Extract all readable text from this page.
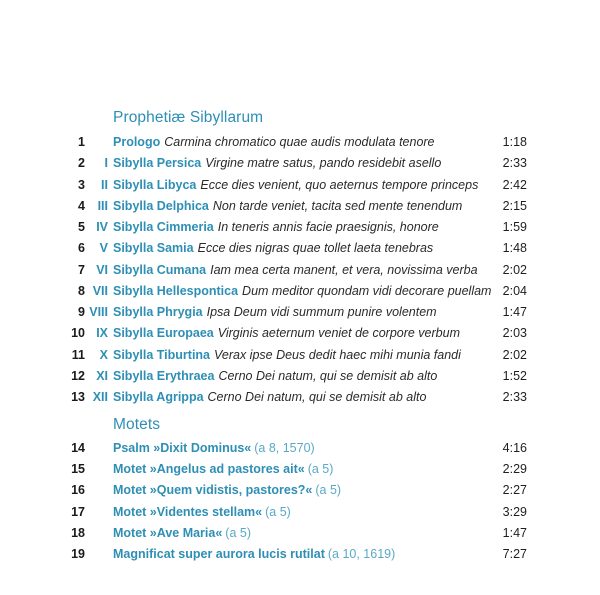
Prophetiæ Sibyllarum
1 Prologo Carmina chromatico quae audis modulata tenore	1:18
2 I Sibylla Persica Virgine matre satus, pando residebit asello	2:33
3 II Sibylla Libyca Ecce dies venient, quo aeternus tempore princeps	2:42
4 III Sibylla Delphica Non tarde veniet, tacita sed mente tenendum	2:15
5 IV Sibylla Cimmeria In teneris annis facie praesignis, honore	1:59
6 V Sibylla Samia Ecce dies nigras quae tollet laeta tenebras	1:48
7 VI Sibylla Cumana Iam mea certa manent, et vera, novissima verba	2:02
8 VII Sibylla Hellespontica Dum meditor quondam vidi decorare puellam 2:04
9 VIII Sibylla Phrygia Ipsa Deum vidi summum punire volentem	1:47
10 IX Sibylla Europaea Virginis aeternum veniet de corpore verbum	2:03
11 X Sibylla Tiburtina Verax ipse Deus dedit haec mihi munia fandi	2:02
12 XI Sibylla Erythraea Cerno Dei natum, qui se demisit ab alto	1:52
13 XII Sibylla Agrippa Cerno Dei natum, qui se demisit ab alto	2:33
Motets
14 Psalm »Dixit Dominus« (a 8, 1570)	4:16
15 Motet »Angelus ad pastores ait« (a 5)	2:29
16 Motet »Quem vidistis, pastores?« (a 5)	2:27
17 Motet »Videntes stellam« (a 5)	3:29
18 Motet »Ave Maria« (a 5)	1:47
19 Magnificat super aurora lucis rutilat (a 10, 1619)	7:27
